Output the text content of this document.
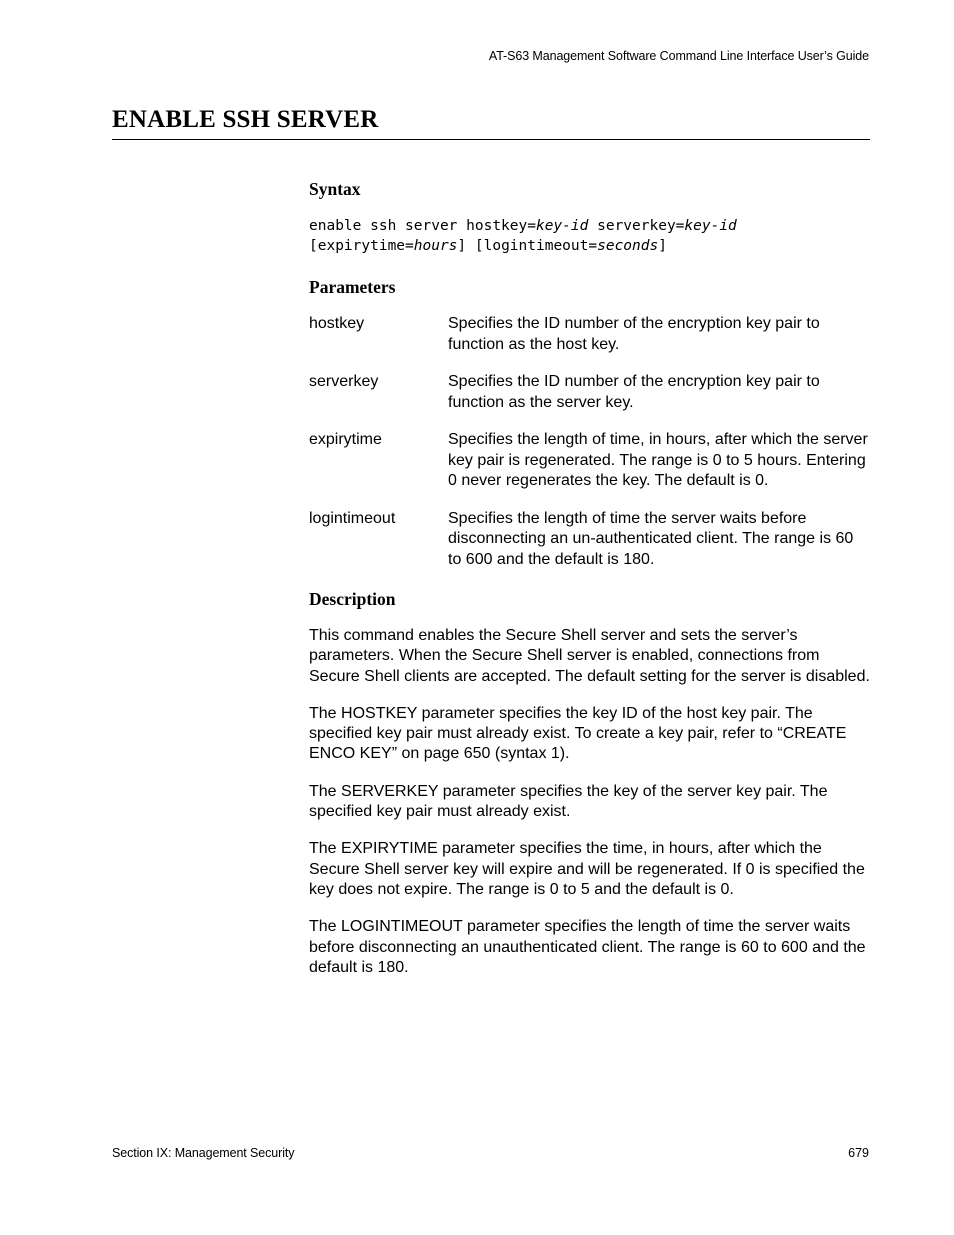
AT-S63 Management Software Command Line Interface User’s Guide
ENABLE SSH SERVER
Syntax
enable ssh server hostkey=key-id serverkey=key-id
[expirytime=hours] [logintimeout=seconds]
Parameters
hostkey	Specifies the ID number of the encryption key pair to function as the host key.
serverkey	Specifies the ID number of the encryption key pair to function as the server key.
expirytime	Specifies the length of time, in hours, after which the server key pair is regenerated. The range is 0 to 5 hours. Entering 0 never regenerates the key. The default is 0.
logintimeout	Specifies the length of time the server waits before disconnecting an un-authenticated client. The range is 60 to 600 and the default is 180.
Description

This command enables the Secure Shell server and sets the server’s parameters. When the Secure Shell server is enabled, connections from Secure Shell clients are accepted. The default setting for the server is disabled.

The HOSTKEY parameter specifies the key ID of the host key pair. The specified key pair must already exist. To create a key pair, refer to “CREATE ENCO KEY” on page 650 (syntax 1).

The SERVERKEY parameter specifies the key of the server key pair. The specified key pair must already exist.

The EXPIRYTIME parameter specifies the time, in hours, after which the Secure Shell server key will expire and will be regenerated. If 0 is specified the key does not expire. The range is 0 to 5 and the default is 0.

The LOGINTIMEOUT parameter specifies the length of time the server waits before disconnecting an unauthenticated client. The range is 60 to 600 and the default is 180.

Section IX: Management Security	679
